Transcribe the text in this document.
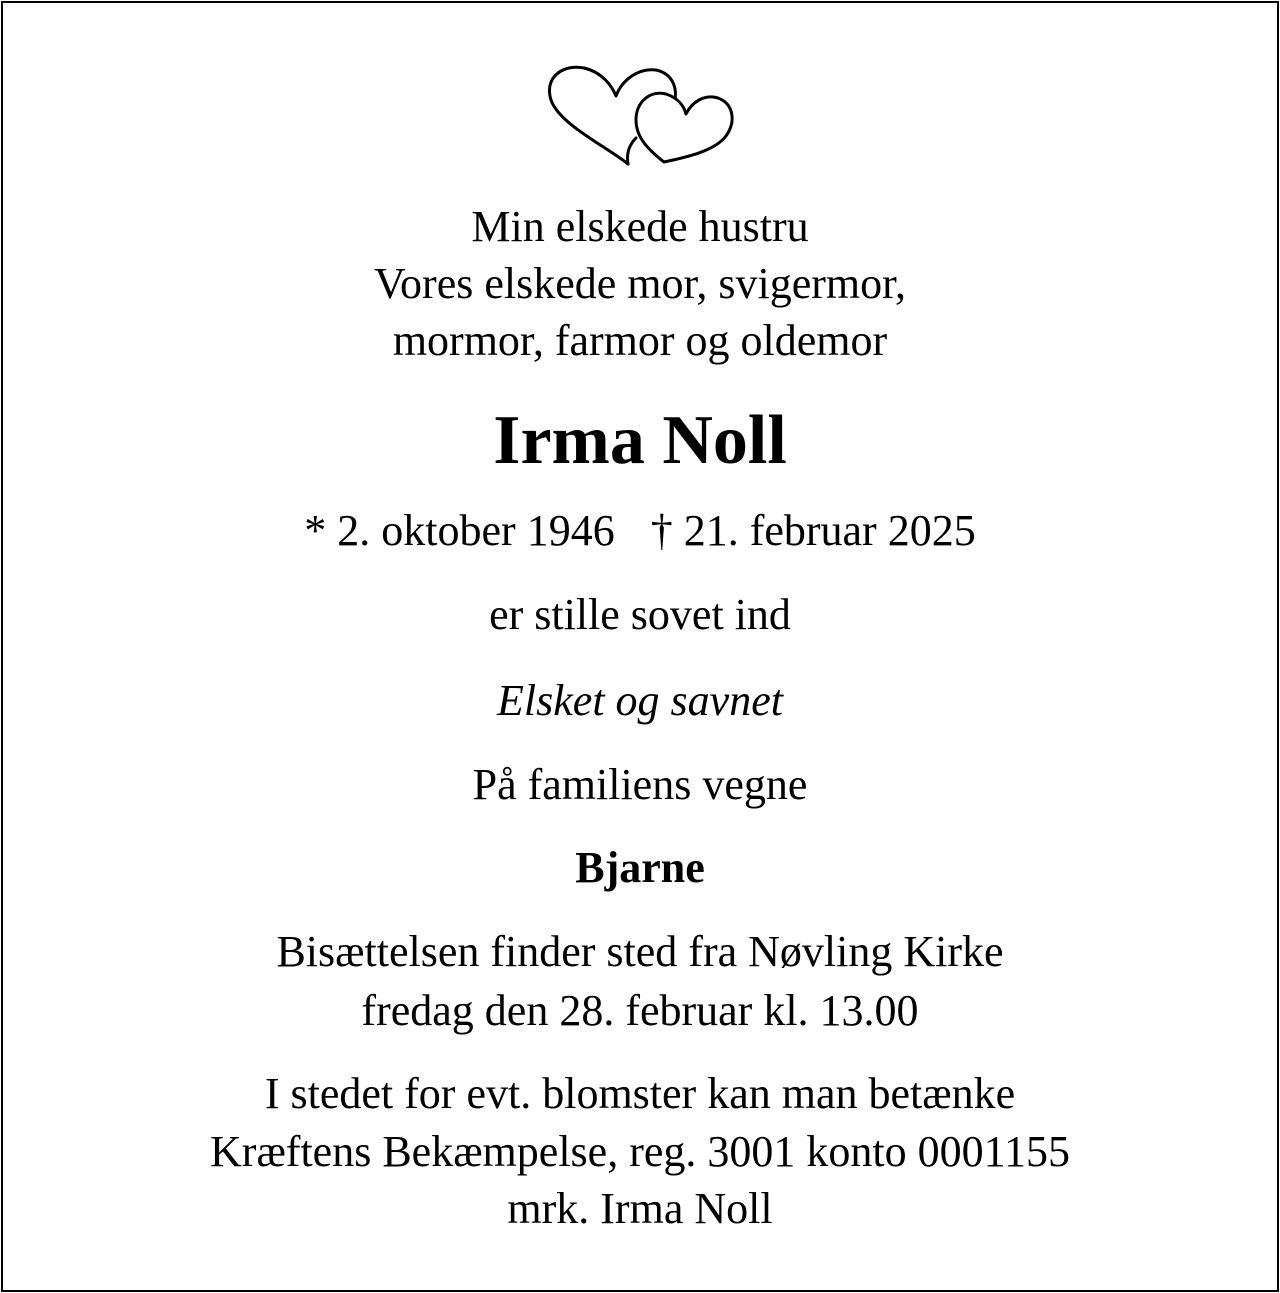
Min elskede hustru
Vores elskede mor, svigermor,
mormor, farmor og oldemor
Irma Noll
* 2. oktober 1946 † 21. februar 2025
er stille sovet ind
Elsket og savnet
På familiens vegne
Bjarne
Bisættelsen finder sted fra Nøvling Kirke
fredag den 28. februar kl. 13.00
I stedet for evt. blomster kan man betænke
Kræftens Bekæmpelse, reg. 3001 konto 0001155
mrk. Irma Noll
